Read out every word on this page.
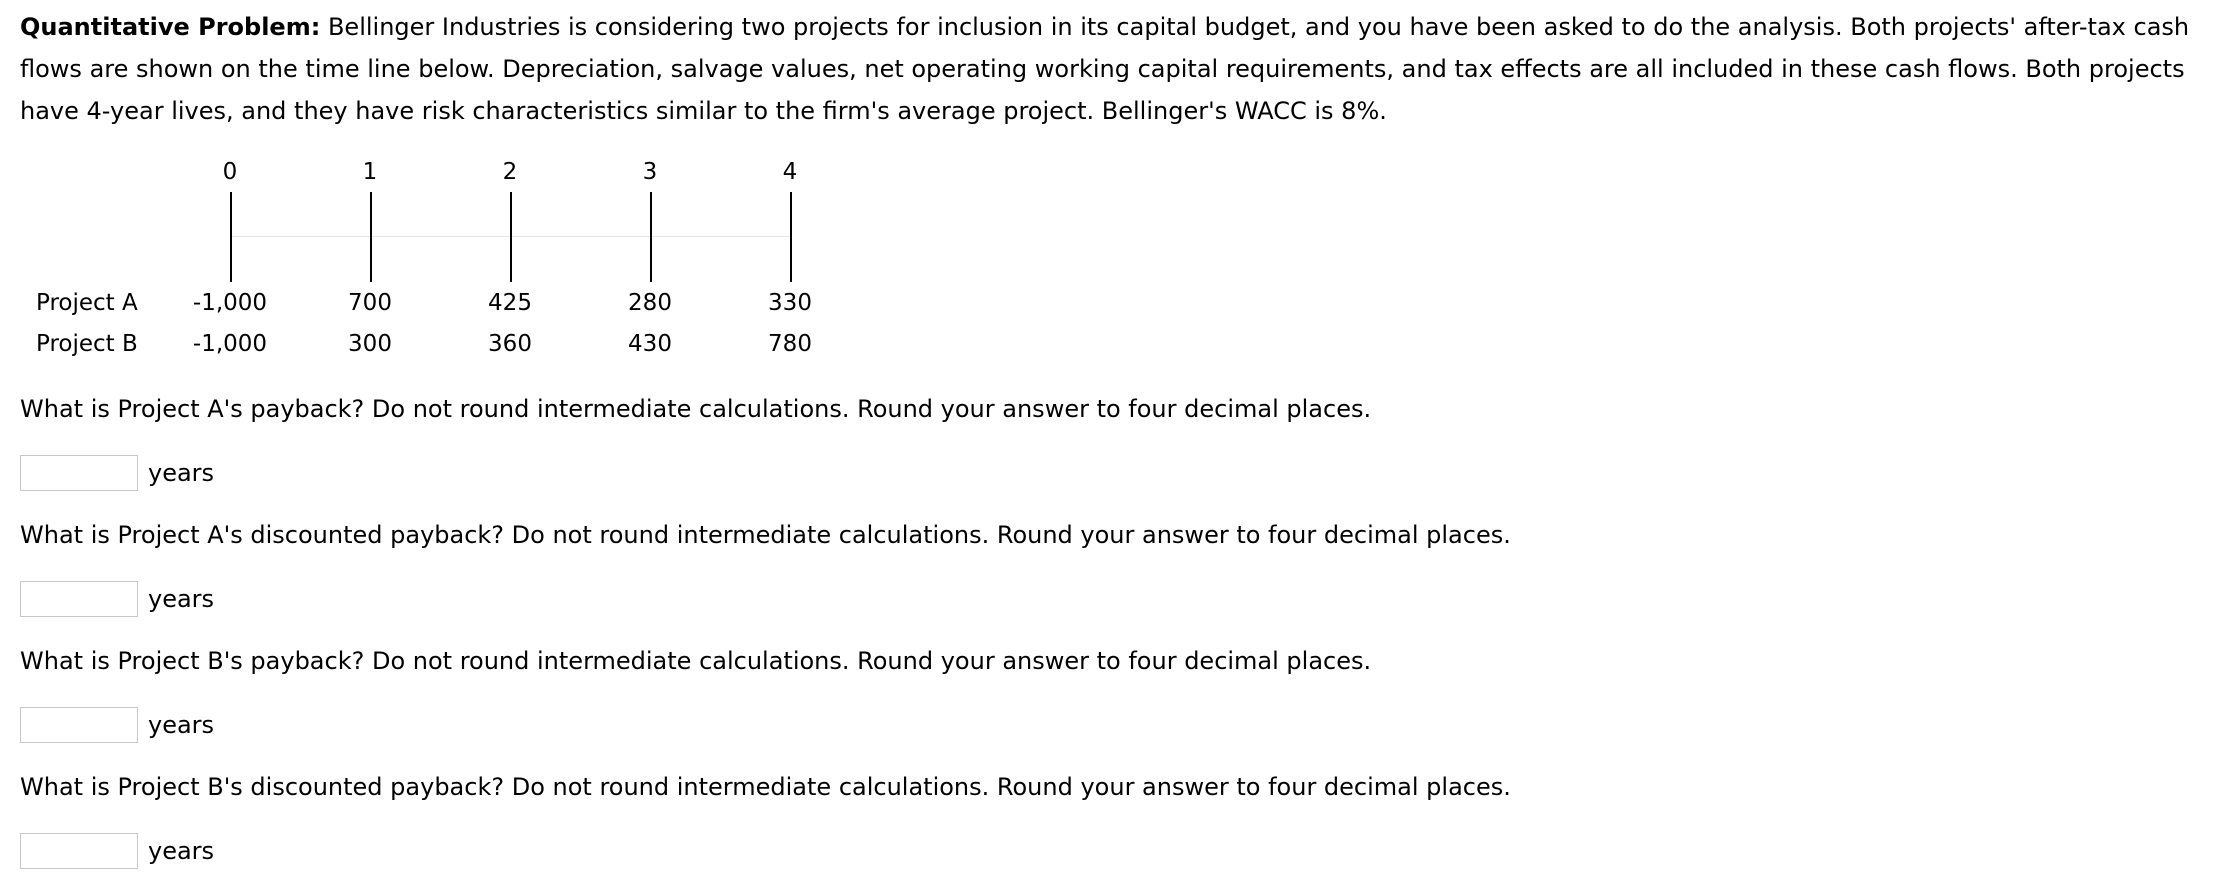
Quantitative Problem: Bellinger Industries is considering two projects for inclusion in its capital budget, and you have been asked to do the analysis. Both projects' after-tax cash flows are shown on the time line below. Depreciation, salvage values, net operating working capital requirements, and tax effects are all included in these cash flows. Both projects have 4-year lives, and they have risk characteristics similar to the firm's average project. Bellinger's WACC is 8%.

0	1	2	3	4
Project A	-1,000	700	425	280	330
Project B	-1,000	300	360	430	780
What is Project A's payback? Do not round intermediate calculations. Round your answer to four decimal places.
years
What is Project A's discounted payback? Do not round intermediate calculations. Round your answer to four decimal places.
years
What is Project B's payback? Do not round intermediate calculations. Round your answer to four decimal places.
years
What is Project B's discounted payback? Do not round intermediate calculations. Round your answer to four decimal places.
years
